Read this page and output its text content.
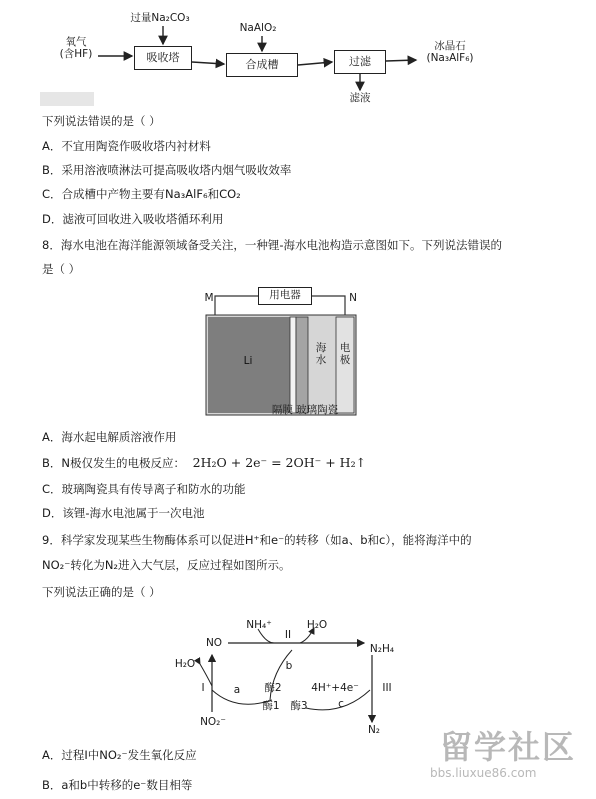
氧气
(含HF)
过量Na₂CO₃
吸收塔
NaAlO₂
合成槽	过滤
冰晶石
(Na₃AlF₆)
滤液
下列说法错误的是（ ）
A．不宜用陶瓷作吸收塔内衬材料
B．采用溶液喷淋法可提高吸收塔内烟气吸收效率
C．合成槽中产物主要有Na₃AlF₆和CO₂
D．滤液可回收进入吸收塔循环利用
8．海水电池在海洋能源领域备受关注，一种锂-海水电池构造示意图如下。下列说法错误的
是（ ）
用电器
M	N
Li
海
水
电
极
隔膜 玻璃陶瓷
A．海水起电解质溶液作用
B．N极仅发生的电极反应： 2H₂O + 2e⁻ = 2OH⁻ + H₂↑
C．玻璃陶瓷具有传导离子和防水的功能
D．该锂-海水电池属于一次电池
9．科学家发现某些生物酶体系可以促进H⁺和e⁻的转移（如a、b和c），能将海洋中的
NO₂⁻转化为N₂进入大气层，反应过程如图所示。
下列说法正确的是（ ）
NO
NH₄⁺
II
H₂O
N₂H₄
H₂O
I	a
b
酶2	4H⁺+4e⁻ III
酶1	酶3	c
NO₂⁻
N₂
A．过程Ⅰ中NO₂⁻发生氧化反应
B．a和b中转移的e⁻数目相等
留学社区
bbs.liuxue86.com
